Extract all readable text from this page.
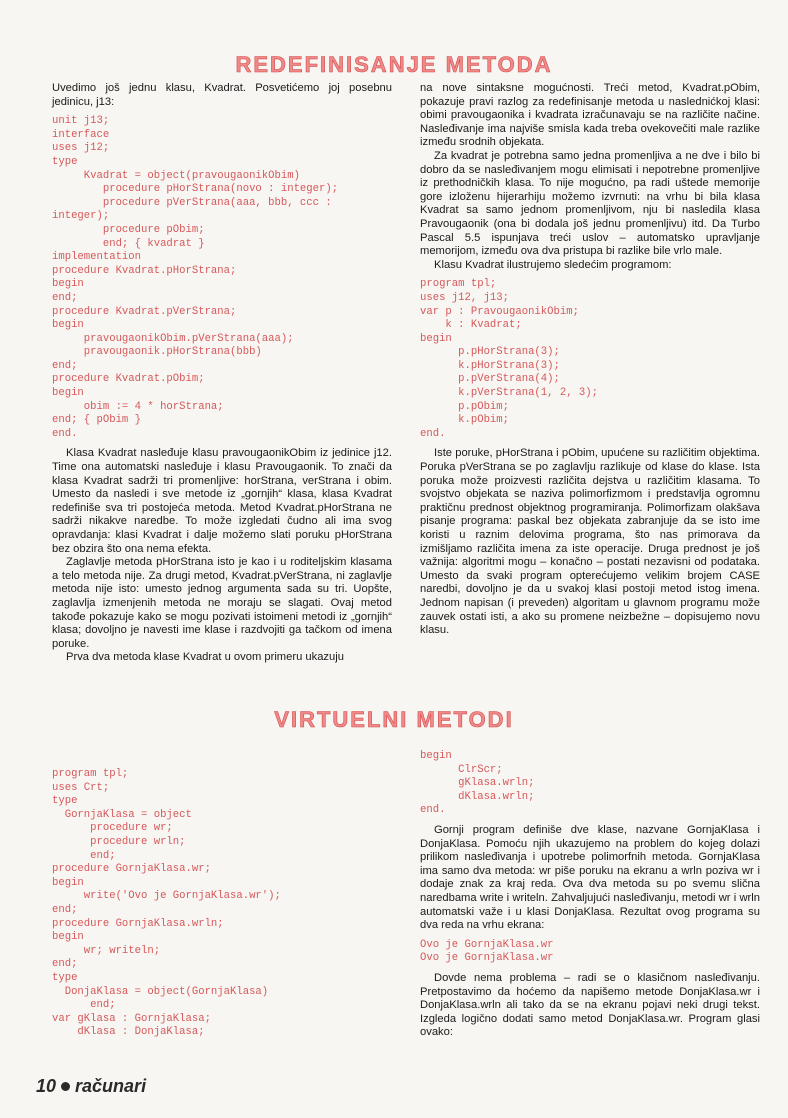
REDEFINISANJE METODA

Uvedimo još jednu klasu, Kvadrat. Posvetićemo joj posebnu jedinicu, j13:

unit j13;
interface
uses j12;
type
Kvadrat = object(pravougaonikObim)
procedure pHorStrana(novo : integer);
procedure pVerStrana(aaa, bbb, ccc :
integer);
procedure pObim;
end; { kvadrat }
implementation
procedure Kvadrat.pHorStrana;
begin
end;
procedure Kvadrat.pVerStrana;
begin
pravougaonikObim.pVerStrana(aaa);
pravougaonik.pHorStrana(bbb)
end;
procedure Kvadrat.pObim;
begin
obim := 4 * horStrana;
end; { pObim }
end.

Klasa Kvadrat nasleđuje klasu pravougaonikObim iz jedinice j12. Time ona automatski nasleđuje i klasu Pravougaonik. To znači da klasa Kvadrat sadrži tri promenljive: horStrana, verStrana i obim. Umesto da nasledi i sve metode iz „gornjih“ klasa, klasa Kvadrat redefiniše sva tri postojeća metoda. Metod Kvadrat.pHorStrana ne sadrži nikakve naredbe. To može izgledati čudno ali ima svog opravdanja: klasi Kvadrat i dalje možemo slati poruku pHorStrana bez obzira što ona nema efekta.

Zaglavlje metoda pHorStrana isto je kao i u roditeljskim klasama a telo metoda nije. Za drugi metod, Kvadrat.pVerStrana, ni zaglavlje metoda nije isto: umesto jednog argumenta sada su tri. Uopšte, zaglavlja izmenjenih metoda ne moraju se slagati. Ovaj metod takođe pokazuje kako se mogu pozivati istoimeni metodi iz „gornjih“ klasa; dovoljno je navesti ime klase i razdvojiti ga tačkom od imena poruke.

Prva dva metoda klase Kvadrat u ovom primeru ukazuju

na nove sintaksne mogućnosti. Treći metod, Kvadrat.pObim, pokazuje pravi razlog za redefinisanje metoda u naslednićkoj klasi: obimi pravougaonika i kvadrata izračunavaju se na različite načine. Nasleđivanje ima najviše smisla kada treba ovekovečiti male razlike između srodnih objekata.

Za kvadrat je potrebna samo jedna promenljiva a ne dve i bilo bi dobro da se nasleđivanjem mogu elimisati i nepotrebne promenljive iz prethodničkih klasa. To nije mogućno, pa radi uštede memorije gore izloženu hijerarhiju možemo izvrnuti: na vrhu bi bila klasa Kvadrat sa samo jednom promenljivom, nju bi nasledila klasa Pravougaonik (ona bi dodala još jednu promenljivu) itd. Da Turbo Pascal 5.5 ispunjava treći uslov – automatsko upravljanje memorijom, između ova dva pristupa bi razlike bile vrlo male.

Klasu Kvadrat ilustrujemo sledećim programom:

program tpl;
uses j12, j13;
var p : PravougaonikObim;
k : Kvadrat;
begin
p.pHorStrana(3);
k.pHorStrana(3);
p.pVerStrana(4);
k.pVerStrana(1, 2, 3);
p.pObim;
k.pObim;
end.

Iste poruke, pHorStrana i pObim, upućene su različitim objektima. Poruka pVerStrana se po zaglavlju razlikuje od klase do klase. Ista poruka može proizvesti različita dejstva u različitim klasama. To svojstvo objekata se naziva polimorfizmom i predstavlja ogromnu praktičnu prednost objektnog programiranja. Polimorfizam olakšava pisanje programa: paskal bez objekata zabranjuje da se isto ime koristi u raznim delovima programa, što nas primorava da izmišljamo različita imena za iste operacije. Druga prednost je još važnija: algoritmi mogu – konačno – postati nezavisni od podataka. Umesto da svaki program opterećujemo velikim brojem CASE naredbi, dovoljno je da u svakoj klasi postoji metod istog imena. Jednom napisan (i preveden) algoritam u glavnom programu može zauvek ostati isti, a ako su promene neizbežne – dopisujemo novu klasu.

VIRTUELNI METODI
program tpl;
uses Crt;
type
GornjaKlasa = object
procedure wr;
procedure wrln;
end;
procedure GornjaKlasa.wr;
begin
write('Ovo je GornjaKlasa.wr');
end;
procedure GornjaKlasa.wrln;
begin
wr; writeln;
end;
type
DonjaKlasa = object(GornjaKlasa)
end;
var gKlasa : GornjaKlasa;
dKlasa : DonjaKlasa;
begin
ClrScr;
gKlasa.wrln;
dKlasa.wrln;
end.

Gornji program definiše dve klase, nazvane GornjaKlasa i DonjaKlasa. Pomoću njih ukazujemo na problem do kojeg dolazi prilikom nasleđivanja i upotrebe polimorfnih metoda. GornjaKlasa ima samo dva metoda: wr piše poruku na ekranu a wrln poziva wr i dodaje znak za kraj reda. Ova dva metoda su po svemu slična naredbama write i writeln. Zahvaljujući nasleđivanju, metodi wr i wrln automatski važe i u klasi DonjaKlasa. Rezultat ovog programa su dva reda na vrhu ekrana:

Ovo je GornjaKlasa.wr
Ovo je GornjaKlasa.wr

Dovde nema problema – radi se o klasičnom nasleđivanju. Pretpostavimo da hoćemo da napišemo metode DonjaKlasa.wr i DonjaKlasa.wrln ali tako da se na ekranu pojavi neki drugi tekst. Izgleda logično dodati samo metod DonjaKlasa.wr. Program glasi ovako:

10 računari
